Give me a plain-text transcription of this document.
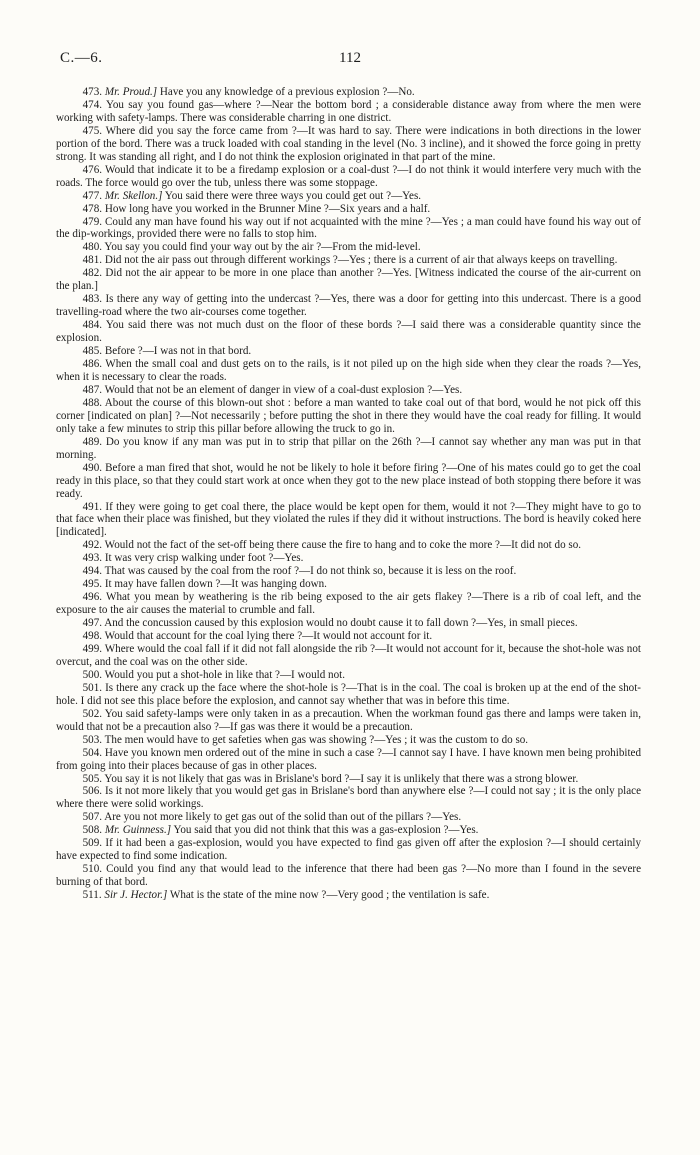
C.—6.	112

473. Mr. Proud.] Have you any knowledge of a previous explosion ?—No.

474. You say you found gas—where ?—Near the bottom bord ; a considerable distance away from where the men were working with safety-lamps. There was considerable charring in one district.

475. Where did you say the force came from ?—It was hard to say. There were indications in both directions in the lower portion of the bord. There was a truck loaded with coal standing in the level (No. 3 incline), and it showed the force going in pretty strong. It was standing all right, and I do not think the explosion originated in that part of the mine.

476. Would that indicate it to be a firedamp explosion or a coal-dust ?—I do not think it would interfere very much with the roads. The force would go over the tub, unless there was some stoppage.

477. Mr. Skellon.] You said there were three ways you could get out ?—Yes.

478. How long have you worked in the Brunner Mine ?—Six years and a half.

479. Could any man have found his way out if not acquainted with the mine ?—Yes ; a man could have found his way out of the dip-workings, provided there were no falls to stop him.

480. You say you could find your way out by the air ?—From the mid-level.

481. Did not the air pass out through different workings ?—Yes ; there is a current of air that always keeps on travelling.

482. Did not the air appear to be more in one place than another ?—Yes. [Witness indicated the course of the air-current on the plan.]

483. Is there any way of getting into the undercast ?—Yes, there was a door for getting into this undercast. There is a good travelling-road where the two air-courses come together.

484. You said there was not much dust on the floor of these bords ?—I said there was a considerable quantity since the explosion.

485. Before ?—I was not in that bord.

486. When the small coal and dust gets on to the rails, is it not piled up on the high side when they clear the roads ?—Yes, when it is necessary to clear the roads.

487. Would that not be an element of danger in view of a coal-dust explosion ?—Yes.

488. About the course of this blown-out shot : before a man wanted to take coal out of that bord, would he not pick off this corner [indicated on plan] ?—Not necessarily ; before putting the shot in there they would have the coal ready for filling. It would only take a few minutes to strip this pillar before allowing the truck to go in.

489. Do you know if any man was put in to strip that pillar on the 26th ?—I cannot say whether any man was put in that morning.

490. Before a man fired that shot, would he not be likely to hole it before firing ?—One of his mates could go to get the coal ready in this place, so that they could start work at once when they got to the new place instead of both stopping there before it was ready.

491. If they were going to get coal there, the place would be kept open for them, would it not ?—They might have to go to that face when their place was finished, but they violated the rules if they did it without instructions. The bord is heavily coked here [indicated].

492. Would not the fact of the set-off being there cause the fire to hang and to coke the more ?—It did not do so.

493. It was very crisp walking under foot ?—Yes.

494. That was caused by the coal from the roof ?—I do not think so, because it is less on the roof.

495. It may have fallen down ?—It was hanging down.

496. What you mean by weathering is the rib being exposed to the air gets flakey ?—There is a rib of coal left, and the exposure to the air causes the material to crumble and fall.

497. And the concussion caused by this explosion would no doubt cause it to fall down ?—Yes, in small pieces.

498. Would that account for the coal lying there ?—It would not account for it.

499. Where would the coal fall if it did not fall alongside the rib ?—It would not account for it, because the shot-hole was not overcut, and the coal was on the other side.

500. Would you put a shot-hole in like that ?—I would not.

501. Is there any crack up the face where the shot-hole is ?—That is in the coal. The coal is broken up at the end of the shot-hole. I did not see this place before the explosion, and cannot say whether that was in before this time.

502. You said safety-lamps were only taken in as a precaution. When the workman found gas there and lamps were taken in, would that not be a precaution also ?—If gas was there it would be a precaution.

503. The men would have to get safeties when gas was showing ?—Yes ; it was the custom to do so.

504. Have you known men ordered out of the mine in such a case ?—I cannot say I have. I have known men being prohibited from going into their places because of gas in other places.

505. You say it is not likely that gas was in Brislane's bord ?—I say it is unlikely that there was a strong blower.

506. Is it not more likely that you would get gas in Brislane's bord than anywhere else ?—I could not say ; it is the only place where there were solid workings.

507. Are you not more likely to get gas out of the solid than out of the pillars ?—Yes.

508. Mr. Guinness.] You said that you did not think that this was a gas-explosion ?—Yes.

509. If it had been a gas-explosion, would you have expected to find gas given off after the explosion ?—I should certainly have expected to find some indication.

510. Could you find any that would lead to the inference that there had been gas ?—No more than I found in the severe burning of that bord.

511. Sir J. Hector.] What is the state of the mine now ?—Very good ; the ventilation is safe.
